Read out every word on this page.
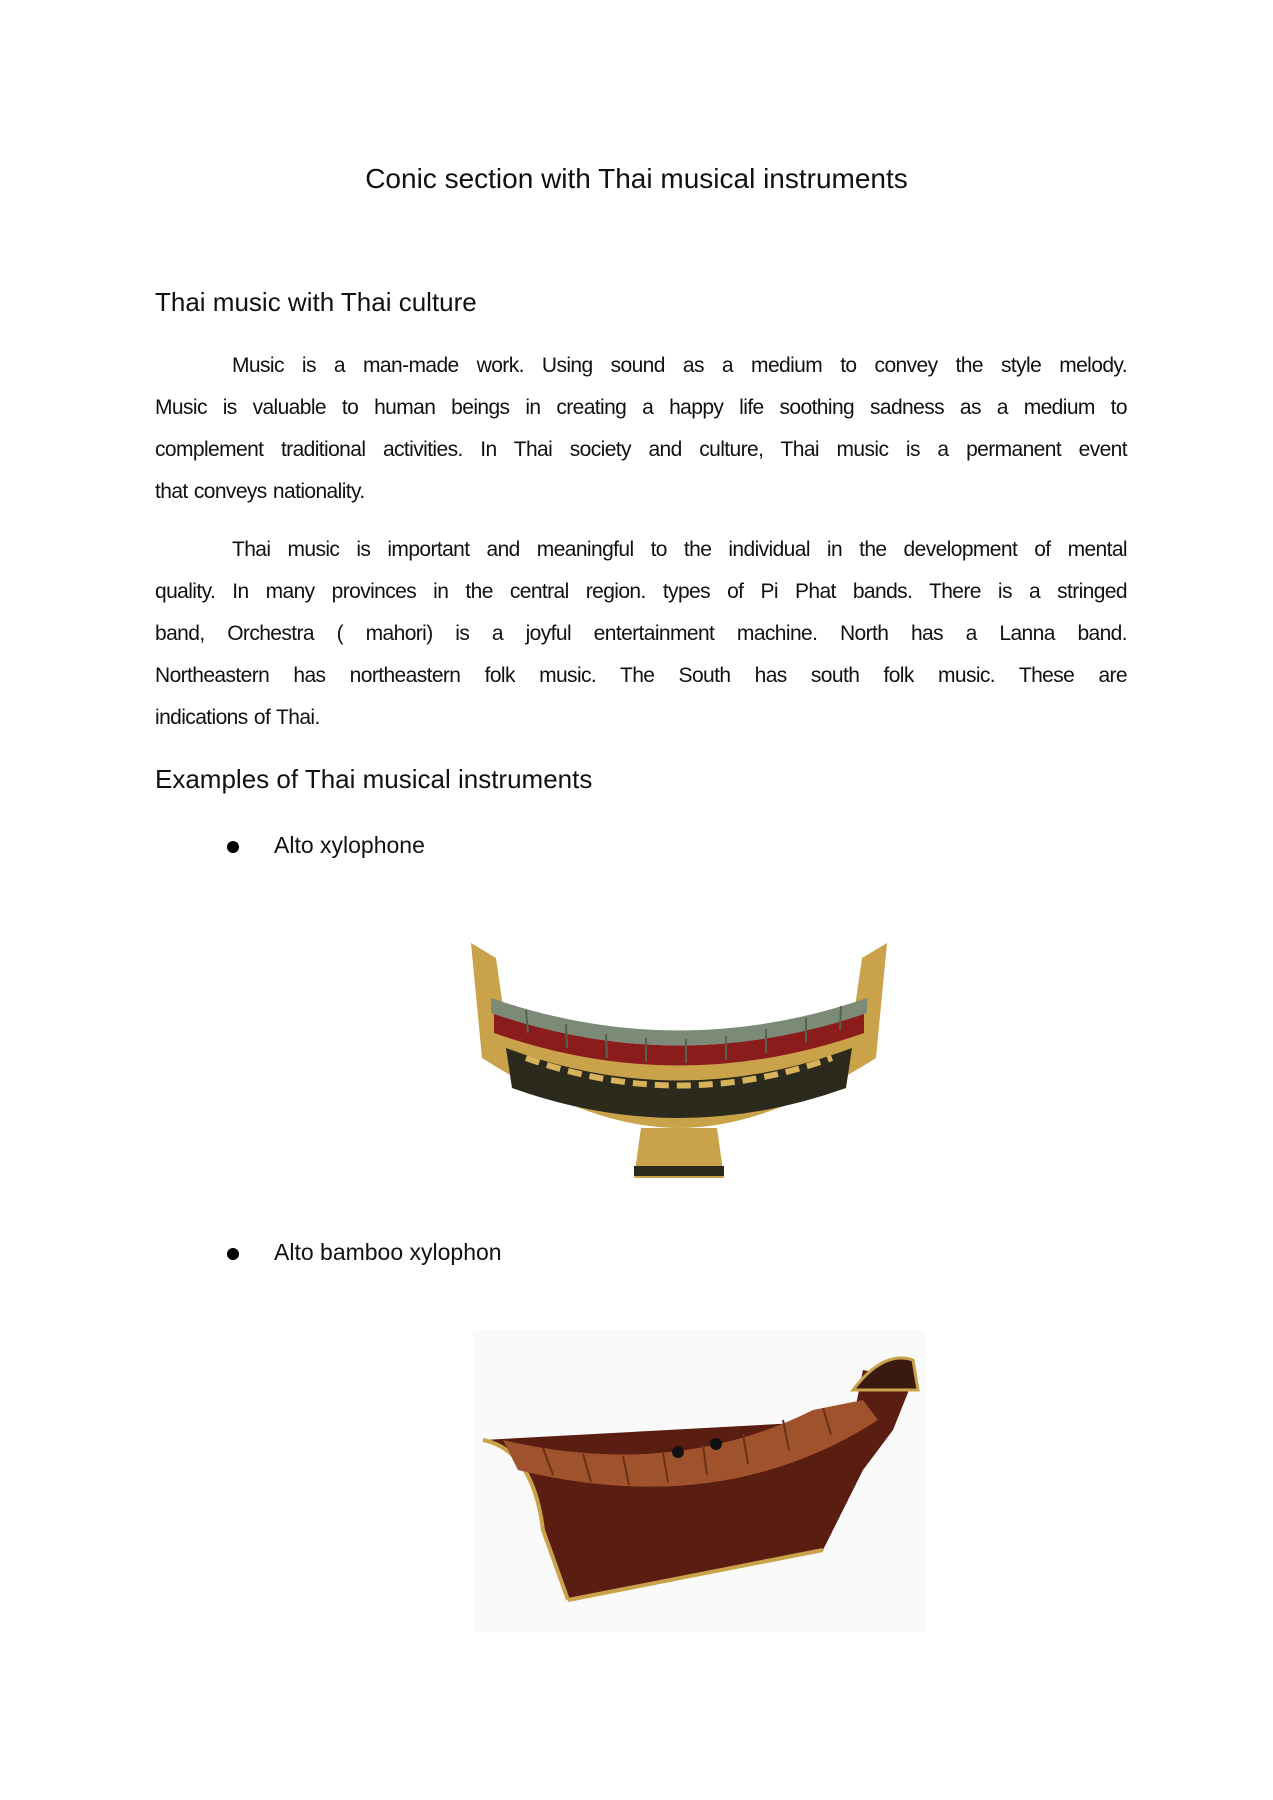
Conic section with Thai musical instruments
Thai music with Thai culture
Music is a man-made work. Using sound as a medium to convey the style melody.
Music is valuable to human beings in creating a happy life soothing sadness as a medium to
complement traditional activities. In Thai society and culture, Thai music is a permanent event
that conveys nationality.
Thai music is important and meaningful to the individual in the development of mental
quality. In many provinces in the central region. types of Pi Phat bands. There is a stringed
band, Orchestra ( mahori) is a joyful entertainment machine. North has a Lanna band.
Northeastern has northeastern folk music. The South has south folk music. These are
indications of Thai.
Examples of Thai musical instruments
Alto xylophone
Alto bamboo xylophon
